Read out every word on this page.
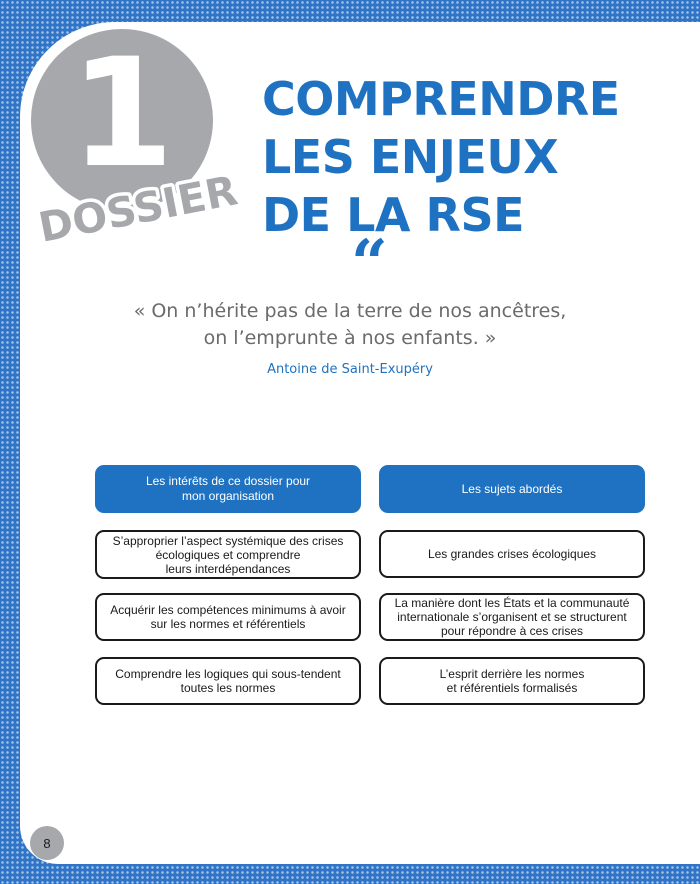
1
DOSSIER
COMPRENDRE
LES ENJEUX
DE LA RSE
“
« On n’hérite pas de la terre de nos ancêtres,
on l’emprunte à nos enfants. »
Antoine de Saint-Exupéry
Les intérêts de ce dossier pour
mon organisation
Les sujets abordés
S’approprier l’aspect systémique des crises
écologiques et comprendre
leurs interdépendances
Acquérir les compétences minimums à avoir
sur les normes et référentiels
Comprendre les logiques qui sous-tendent
toutes les normes
Les grandes crises écologiques
La manière dont les États et la communauté
internationale s’organisent et se structurent
pour répondre à ces crises
L’esprit derrière les normes
et référentiels formalisés
8
